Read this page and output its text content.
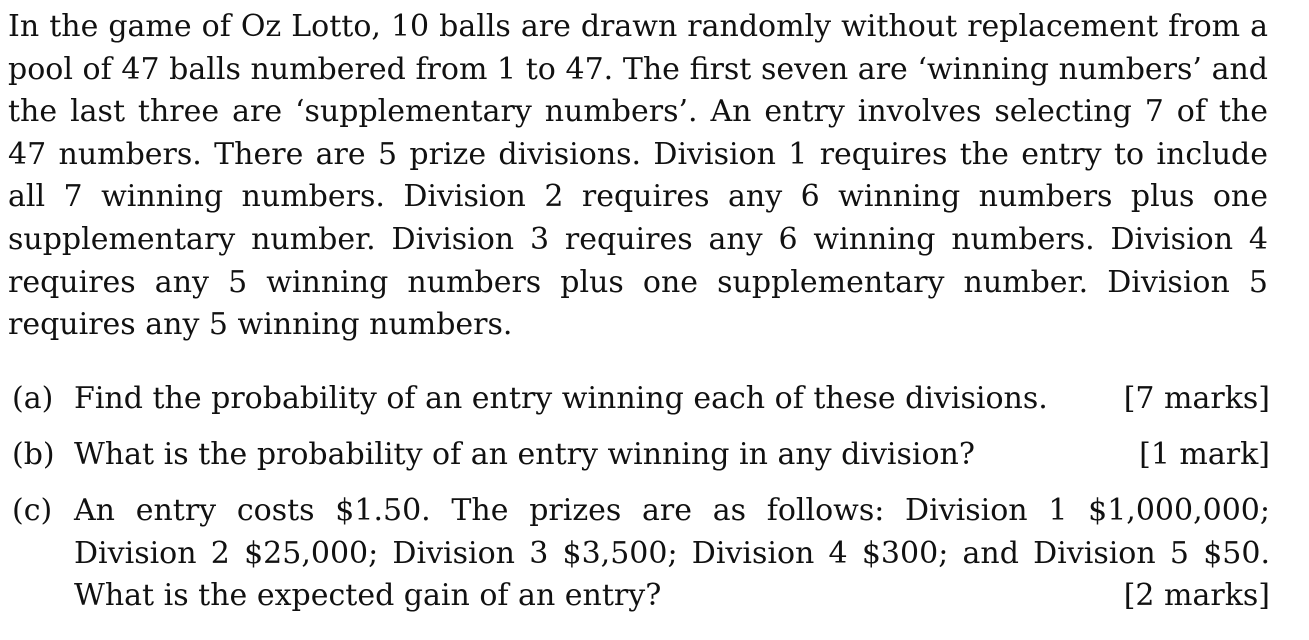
In the game of Oz Lotto, 10 balls are drawn randomly without replacement from a pool of 47 balls numbered from 1 to 47. The first seven are ‘winning numbers’ and the last three are ‘supplementary numbers’. An entry involves selecting 7 of the 47 numbers. There are 5 prize divisions. Division 1 requires the entry to include all 7 winning numbers. Division 2 requires any 6 winning numbers plus one supplementary number. Division 3 requires any 6 winning numbers. Division 4 requires any 5 winning numbers plus one supplementary number. Division 5 requires any 5 winning numbers.

(a) Find the probability of an entry winning each of these divisions.	[7 marks]
(b) What is the probability of an entry winning in any division?	[1 mark]
(c) An entry costs $1.50. The prizes are as follows: Division 1 $1,000,000; Division 2 $25,000; Division 3 $3,500; Division 4 $300; and Division 5 $50. What is the expected gain of an entry?	[2 marks]
